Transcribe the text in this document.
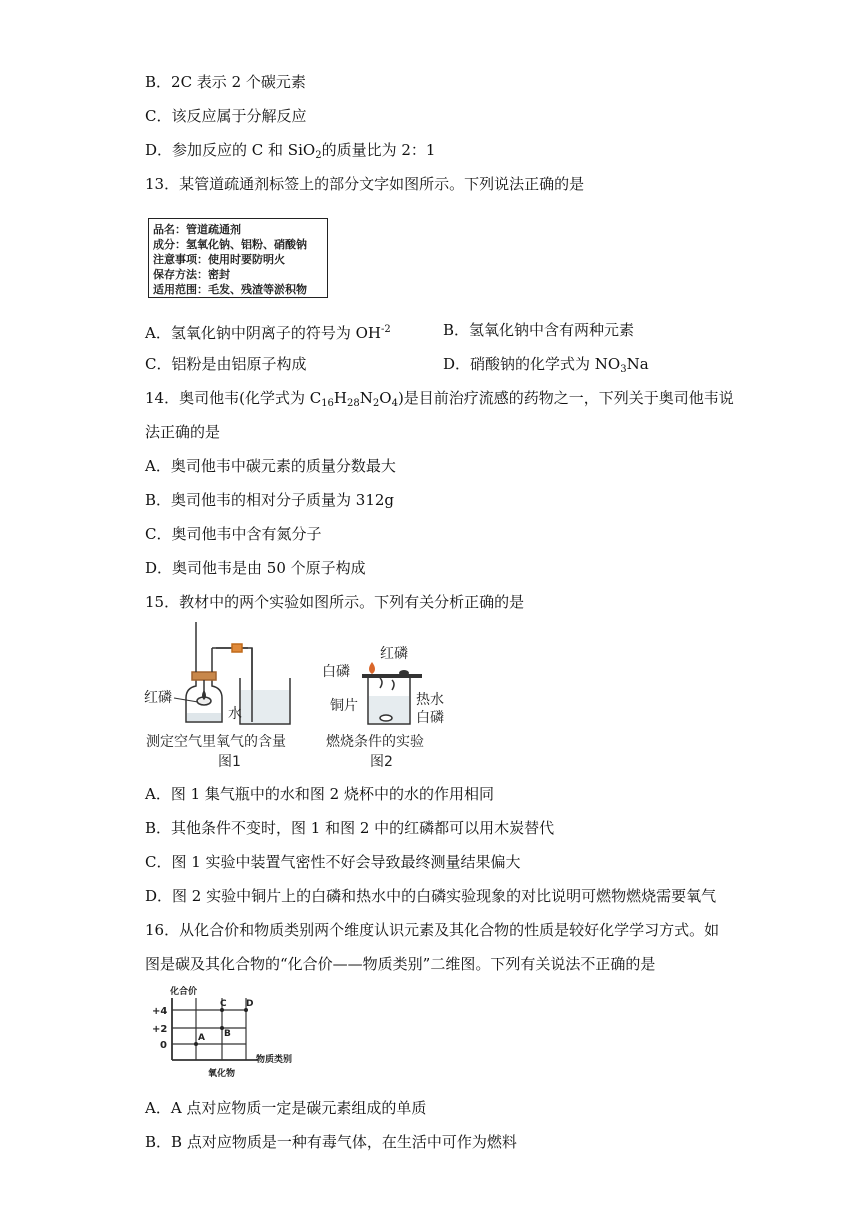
B．2C 表示 2 个碳元素
C．该反应属于分解反应
D．参加反应的 C 和 SiO$_2$的质量比为 2：1
13．某管道疏通剂标签上的部分文字如图所示。下列说法正确的是
品名：管道疏通剂
成分：氢氧化钠、铝粉、硝酸钠
注意事项：使用时要防明火
保存方法：密封
适用范围：毛发、残渣等淤积物
A．氢氧化钠中阴离子的符号为 $OH^{-2}$	B．氢氧化钠中含有两种元素
C．铝粉是由铝原子构成	D．硝酸钠的化学式为 $NO_3Na$
14．奥司他韦(化学式为 $C_{16}H_{28}N_2O_4$)是目前治疗流感的药物之一，下列关于奥司他韦说
法正确的是
A．奥司他韦中碳元素的质量分数最大
B．奥司他韦的相对分子质量为 312g
C．奥司他韦中含有氮分子
D．奥司他韦是由 50 个原子构成
15．教材中的两个实验如图所示。下列有关分析正确的是
红磷
水
测定空气里氧气的含量
图1
红磷
白磷
铜片	热水
白磷
燃烧条件的实验
图2
A．图 1 集气瓶中的水和图 2 烧杯中的水的作用相同
B．其他条件不变时，图 1 和图 2 中的红磷都可以用木炭替代
C．图 1 实验中装置气密性不好会导致最终测量结果偏大
D．图 2 实验中铜片上的白磷和热水中的白磷实验现象的对比说明可燃物燃烧需要氧气
16．从化合价和物质类别两个维度认识元素及其化合物的性质是较好化学学习方式。如
图是碳及其化合物的“化合价——物质类别”二维图。下列有关说法不正确的是
化合价
+4
+2
0
物质类别
氧化物
A B
C D
A．A 点对应物质一定是碳元素组成的单质
B．B 点对应物质是一种有毒气体，在生活中可作为燃料
